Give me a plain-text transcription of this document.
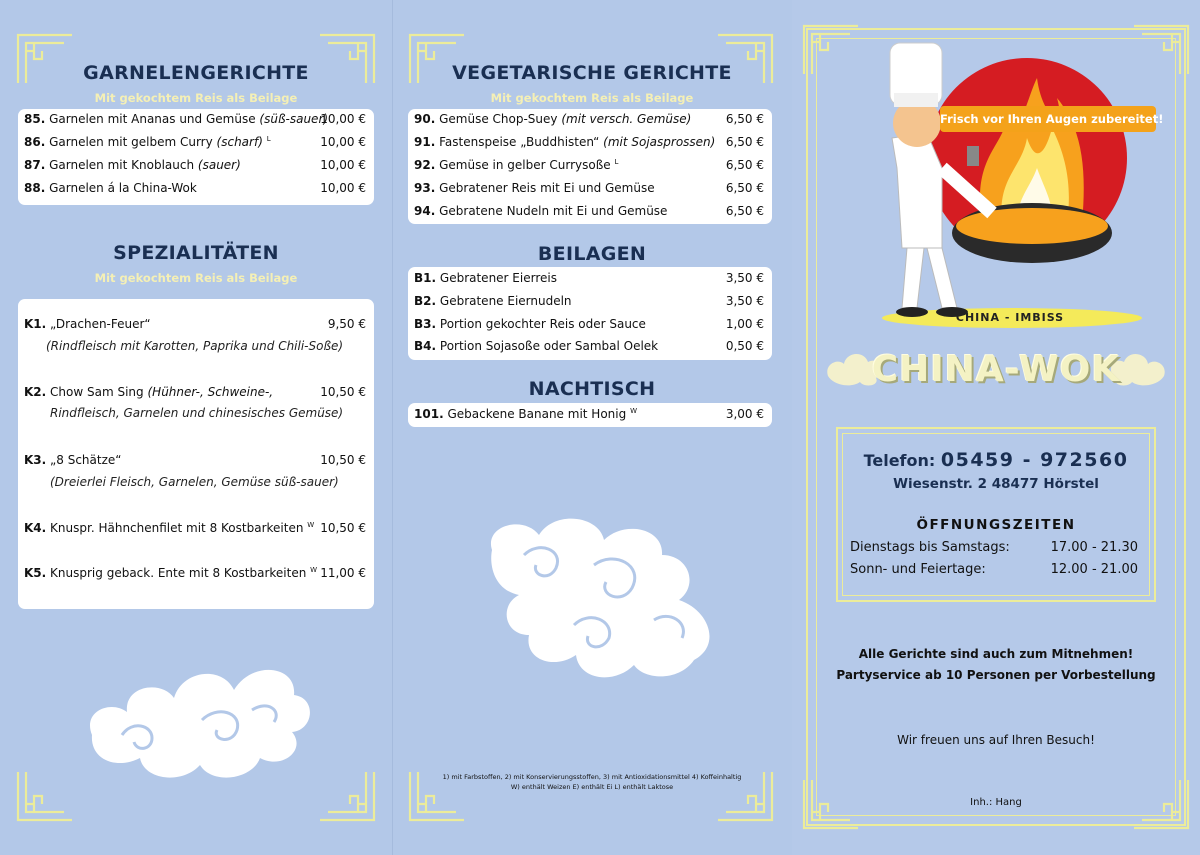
GARNELENGERICHTE
Mit gekochtem Reis als Beilage
85. Garnelen mit Ananas und Gemüse (süß-sauer)
10,00 €
86. Garnelen mit gelbem Curry (scharf) $^L$	10,00 €
87. Garnelen mit Knoblauch (sauer)	10,00 €
88. Garnelen á la China-Wok	10,00 €
SPEZIALITÄTEN
Mit gekochtem Reis als Beilage
K1. „Drachen-Feuer“	9,50 €
(Rindfleisch mit Karotten, Paprika und Chili-Soße)
K2. Chow Sam Sing (Hühner-, Schweine-,	10,50 €
Rindfleisch, Garnelen und chinesisches Gemüse)
K3. „8 Schätze“	10,50 €
(Dreierlei Fleisch, Garnelen, Gemüse süß-sauer)
K4. Knuspr. Hähnchenfilet mit 8 Kostbarkeiten $^W$ 10,50 €
K5. Knusprig geback. Ente mit 8 Kostbarkeiten $^W$ 11,00 €
VEGETARISCHE GERICHTE
Mit gekochtem Reis als Beilage
90. Gemüse Chop-Suey (mit versch. Gemüse)	6,50 €
91. Fastenspeise „Buddhisten“ (mit Sojasprossen) 6,50 €
92. Gemüse in gelber Currysoße $^L$	6,50 €
93. Gebratener Reis mit Ei und Gemüse	6,50 €
94. Gebratene Nudeln mit Ei und Gemüse	6,50 €
BEILAGEN
B1. Gebratener Eierreis	3,50 €
B2. Gebratene Eiernudeln	3,50 €
B3. Portion gekochter Reis oder Sauce	1,00 €
B4. Portion Sojasoße oder Sambal Oelek	0,50 €
NACHTISCH
101. Gebackene Banane mit Honig $^W$	3,00 €
1) mit Farbstoffen, 2) mit Konservierungsstoffen, 3) mit Antioxidationsmittel 4) Koffeinhaltig
W) enthält Weizen E) enthält Ei L) enthält Laktose
Frisch vor Ihren Augen zubereitet!
CHINA - IMBISS
CHINA-WOK
Telefon: 05459 - 972560
Wiesenstr. 2 48477 Hörstel
ÖFFNUNGSZEITEN
Dienstags bis Samstags:	17.00 - 21.30
Sonn- und Feiertage:	12.00 - 21.00
Alle Gerichte sind auch zum Mitnehmen!
Partyservice ab 10 Personen per Vorbestellung
Wir freuen uns auf Ihren Besuch!
Inh.: Hang
